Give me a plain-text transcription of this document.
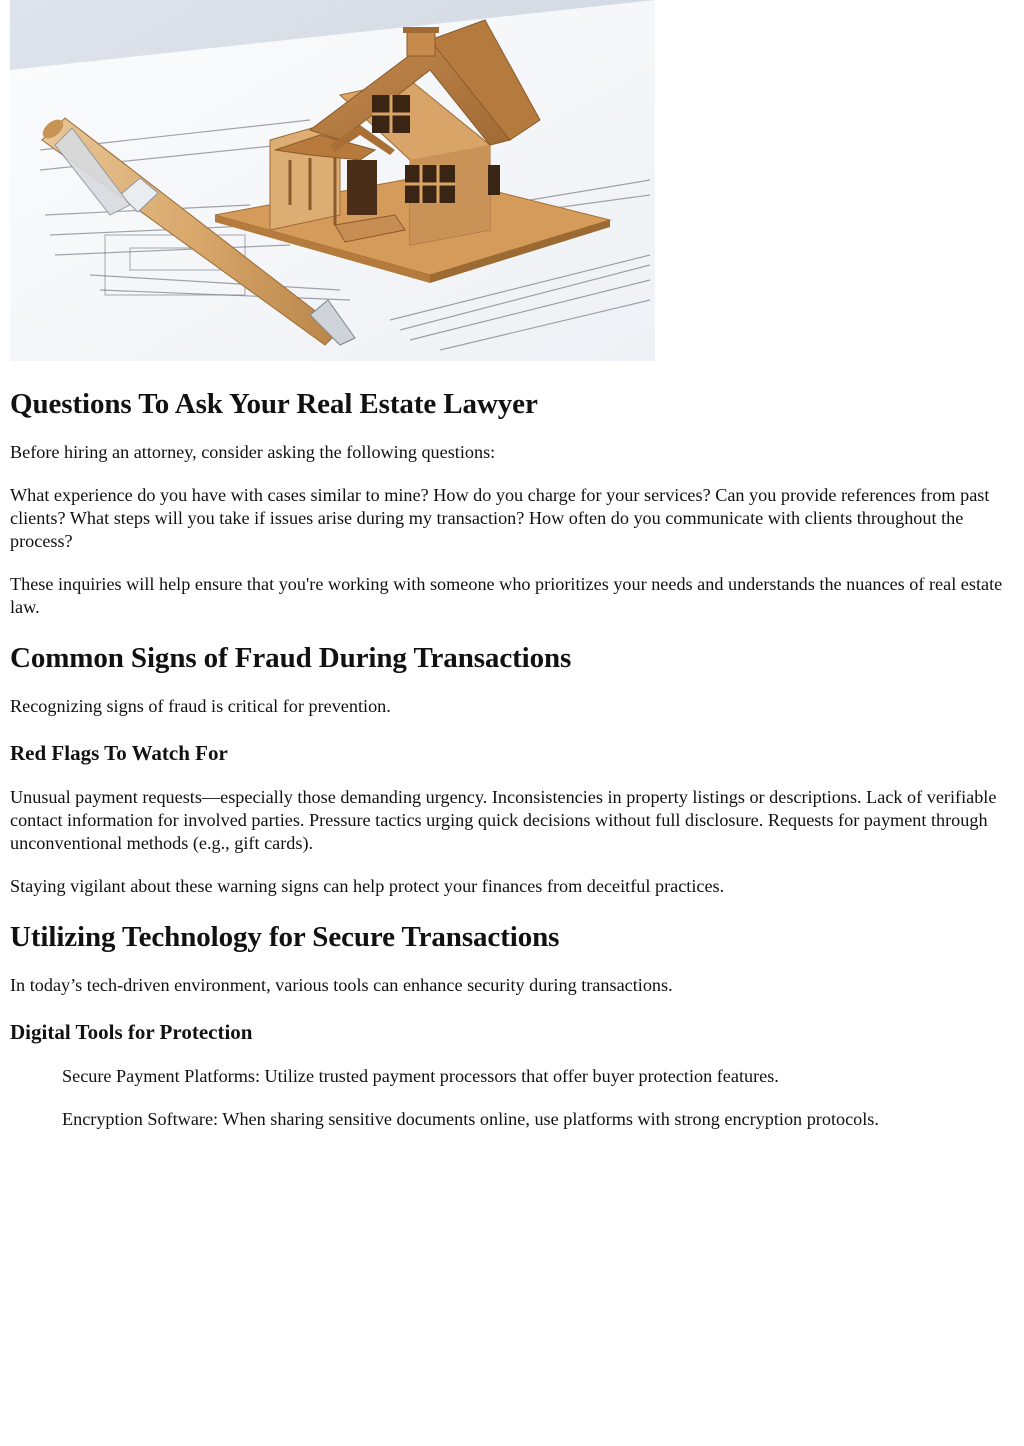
Questions To Ask Your Real Estate Lawyer

Before hiring an attorney, consider asking the following questions:

What experience do you have with cases similar to mine? How do you charge for your services? Can you provide references from past clients? What steps will you take if issues arise during my transaction? How often do you communicate with clients throughout the process?

These inquiries will help ensure that you're working with someone who prioritizes your needs and understands the nuances of real estate law.

Common Signs of Fraud During Transactions

Recognizing signs of fraud is critical for prevention.

Red Flags To Watch For

Unusual payment requests—especially those demanding urgency. Inconsistencies in property listings or descriptions. Lack of verifiable contact information for involved parties. Pressure tactics urging quick decisions without full disclosure. Requests for payment through unconventional methods (e.g., gift cards).

Staying vigilant about these warning signs can help protect your finances from deceitful practices.

Utilizing Technology for Secure Transactions

In today’s tech-driven environment, various tools can enhance security during transactions.

Digital Tools for Protection

Secure Payment Platforms: Utilize trusted payment processors that offer buyer protection features.

Encryption Software: When sharing sensitive documents online, use platforms with strong encryption protocols.
